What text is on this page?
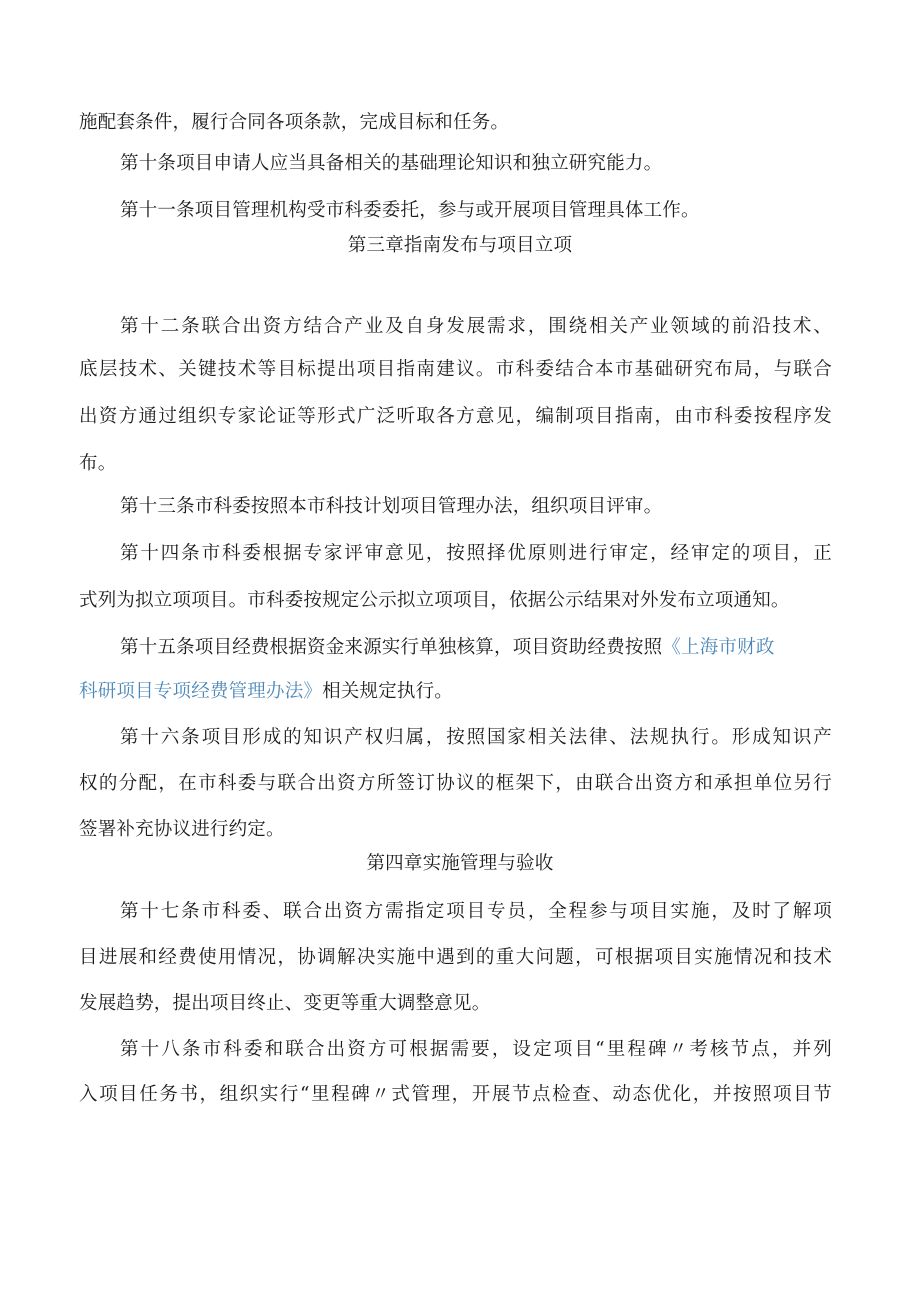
施配套条件，履行合同各项条款，完成目标和任务。
第十条项目申请人应当具备相关的基础理论知识和独立研究能力。
第十一条项目管理机构受市科委委托，参与或开展项目管理具体工作。
第三章指南发布与项目立项
第十二条联合出资方结合产业及自身发展需求，围绕相关产业领域的前沿技术、
底层技术、关键技术等目标提出项目指南建议。市科委结合本市基础研究布局，与联合
出资方通过组织专家论证等形式广泛听取各方意见，编制项目指南，由市科委按程序发
布。
第十三条市科委按照本市科技计划项目管理办法，组织项目评审。
第十四条市科委根据专家评审意见，按照择优原则进行审定，经审定的项目，正
式列为拟立项项目。市科委按规定公示拟立项项目，依据公示结果对外发布立项通知。
第十五条项目经费根据资金来源实行单独核算，项目资助经费按照《上海市财政
科研项目专项经费管理办法》相关规定执行。
第十六条项目形成的知识产权归属，按照国家相关法律、法规执行。形成知识产
权的分配，在市科委与联合出资方所签订协议的框架下，由联合出资方和承担单位另行
签署补充协议进行约定。
第四章实施管理与验收
第十七条市科委、联合出资方需指定项目专员，全程参与项目实施，及时了解项
目进展和经费使用情况，协调解决实施中遇到的重大问题，可根据项目实施情况和技术
发展趋势，提出项目终止、变更等重大调整意见。
第十八条市科委和联合出资方可根据需要，设定项目“里程碑〃考核节点，并列
入项目任务书，组织实行“里程碑〃式管理，开展节点检查、动态优化，并按照项目节
